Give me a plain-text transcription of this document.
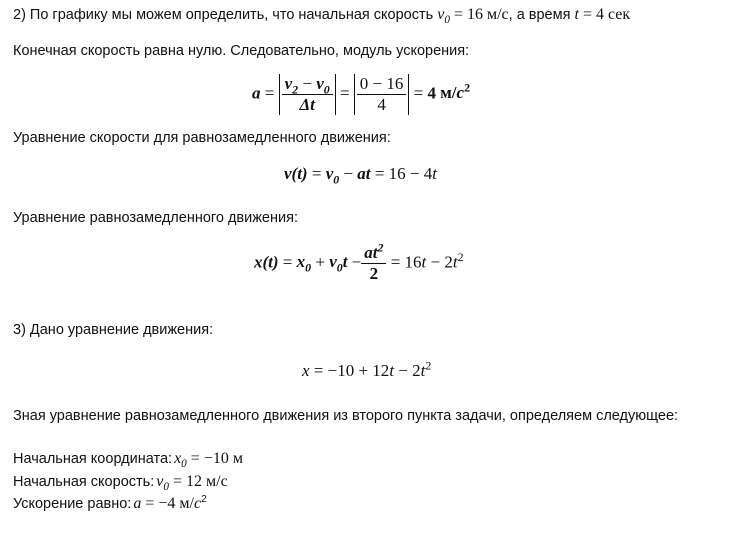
2) По графику мы можем определить, что начальная скорость $v_0 = 16$ м/с, а время t = 4 сек
Конечная скорость равна нулю. Следовательно, модуль ускорения:
$a = \frac{v_2 - v_0}{\Delta t} = \frac{0 - 16}{4} = 4$ $м/c^2$
Уравнение скорости для равнозамедленного движения:
$v(t) = v_0$ − at = 16 − 4t
Уравнение равнозамедленного движения:
$x(t) = x_0 + v_0t - \frac{at^2}{2} = 16t - 2t^2$
3) Дано уравнение движения:
$x = -10 + 12t - 2t^2$
Зная уравнение равнозамедленного движения из второго пункта задачи, определяем следующее:
Начальная координата: $x_0 = -10$ м
Начальная скорость: $v_0 = 12$ м/с
Ускорение равно: a = −4 $м/c^2$
